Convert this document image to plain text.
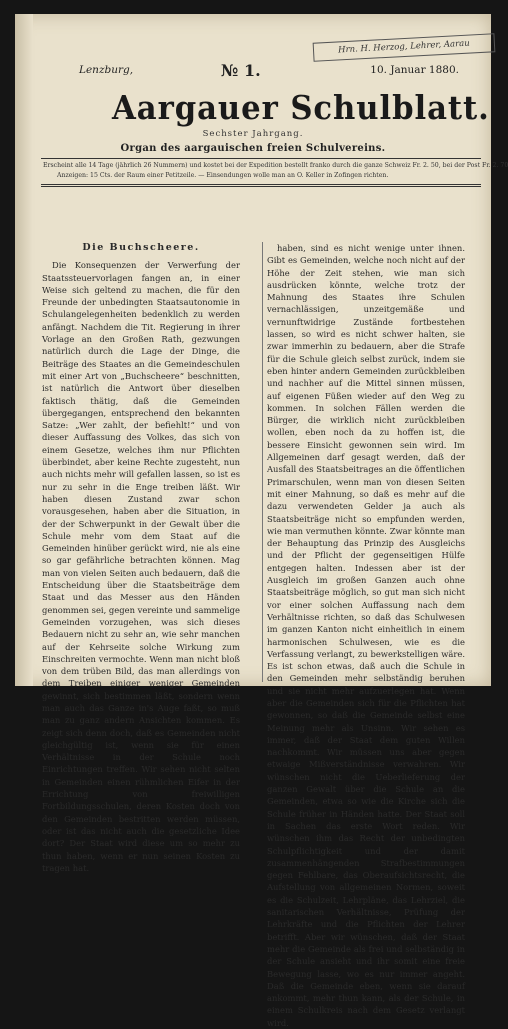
Hrn. H. Herzog, Lehrer, Aarau
Lenzburg,	№ 1.	10. Januar 1880.
Aargauer Schulblatt.
Sechster Jahrgang.
Organ des aargauischen freien Schulvereins.
Erscheint alle 14 Tage (jährlich 26 Nummern) und kostet bei der Expedition bestellt franko durch die ganze Schweiz Fr. 2. 50, bei der Post Fr. 2. 70
Anzeigen: 15 Cts. der Raum einer Petitzeile. — Einsendungen wolle man an O. Keller in Zofingen richten.
Die Buchscheere.

Die Konsequenzen der Verwerfung der Staatssteuervorlagen fangen an, in einer Weise sich geltend zu machen, die für den Freunde der unbedingten Staatsautonomie in Schulangelegenheiten bedenklich zu werden anfängt. Nachdem die Tit. Regierung in ihrer Vorlage an den Großen Rath, gezwungen natürlich durch die Lage der Dinge, die Beiträge des Staates an die Gemeindeschulen mit einer Art von „Buchscheere“ beschnitten, ist natürlich die Antwort über dieselben faktisch thätig, daß die Gemeinden übergegangen, entsprechend den bekannten Satze: „Wer zahlt, der befiehlt!“ und von dieser Auffassung des Volkes, das sich von einem Gesetze, welches ihm nur Pflichten überbindet, aber keine Rechte zugesteht, nun auch nichts mehr will gefallen lassen, so ist es nur zu sehr in die Enge treiben läßt. Wir haben diesen Zustand zwar schon vorausgesehen, haben aber die Situation, in der der Schwerpunkt in der Gewalt über die Schule mehr vom dem Staat auf die Gemeinden hinüber gerückt wird, nie als eine so gar gefährliche betrachten können. Mag man von vielen Seiten auch bedauern, daß die Entscheidung über die Staatsbeiträge dem Staat und das Messer aus den Händen genommen sei, gegen vereinte und sammelige Gemeinden vorzugehen, was sich dieses Bedauern nicht zu sehr an, wie sehr manchen auf der Kehrseite solche Wirkung zum Einschreiten vermochte. Wenn man nicht bloß von dem trüben Bild, das man allerdings von dem Treiben einiger weniger Gemeinden gewinnt, sich bestimmen läßt, sondern wenn man auch das Ganze in's Auge faßt, so muß man zu ganz andern Ansichten kommen. Es zeigt sich denn doch, daß es Gemeinden nicht gleichgültig ist, wenn sie für einen Verhältnisse in der Schule noch Einrichtungen treffen. Wir sehen nicht selten in Gemeinden einen rühmlichen Eifer in der Errichtung von freiwilligen Fortbildungsschulen, deren Kosten doch von den Gemeinden bestritten werden müssen, oder ist das nicht auch die gesetzliche Idee dort? Der Staat wird diese um so mehr zu thun haben, wenn er nun seinen Kosten zu tragen hat.

haben, sind es nicht wenige unter ihnen. Gibt es Gemeinden, welche noch nicht auf der Höhe der Zeit stehen, wie man sich ausdrücken könnte, welche trotz der Mahnung des Staates ihre Schulen vernachlässigen, unzeitgemäße und vernunftwidrige Zustände fortbestehen lassen, so wird es nicht schwer halten, sie zwar immerhin zu bedauern, aber die Strafe für die Schule gleich selbst zurück, indem sie eben hinter andern Gemeinden zurückbleiben und nachher auf die Mittel sinnen müssen, auf eigenen Füßen wieder auf den Weg zu kommen. In solchen Fällen werden die Bürger, die wirklich nicht zurückbleiben wollen, eben noch da zu hoffen ist, die bessere Einsicht gewonnen sein wird. Im Allgemeinen darf gesagt werden, daß der Ausfall des Staatsbeitrages an die öffentlichen Primarschulen, wenn man von diesen Seiten mit einer Mahnung, so daß es mehr auf die dazu verwendeten Gelder ja auch als Staatsbeiträge nicht so empfunden werden, wie man vermuthen könnte. Zwar könnte man der Behauptung das Prinzip des Ausgleichs und der Pflicht der gegenseitigen Hülfe entgegen halten. Indessen aber ist der Ausgleich im großen Ganzen auch ohne Staatsbeiträge möglich, so gut man sich nicht vor einer solchen Auffassung nach dem Verhältnisse richten, so daß das Schulwesen im ganzen Kanton nicht einheitlich in einem harmonischen Schulwesen, wie es die Verfassung verlangt, zu bewerkstelligen wäre. Es ist schon etwas, daß auch die Schule in den Gemeinden mehr selbständig beruhen und sie nicht mehr aufzuerlegen hat. Wenn aber die Gemeinden sich für die Pflichten hat gewonnen, so daß die Gemeinde selbst eine Meinung mehr als Unsinn. Wir sehen es immer, daß der Staat dem guten Willen nachkommt. Wir müssen uns aber gegen etwaige Mißverständnisse verwahren. Wir wünschen nicht die Ueberlieferung der ganzen Gewalt über die Schule an die Gemeinden, etwa so wie die Kirche sich die Schule früher in Händen hatte. Der Staat soll in Sachen das erste Wort reden. Wir wünschen ihm das Recht der unbedingten Schulpflichtigkeit und der damit zusammenhängenden Strafbestimmungen gegen Fehlbare, das Oberaufsichtsrecht, die Aufstellung von allgemeinen Normen, soweit es die Schulzeit, Lehrpläne, das Lehrziel, die sanitarischen Verhältnisse, Prüfung der Lehrkräfte und die Pflichten der Lehrer betrifft. Aber wir wünschen, daß der Staat mehr die Gemeinde als frei und selbständig in der Schule ansieht und ihr somit eine freie Bewegung lasse, wo es nur immer angeht. Daß die Gemeinde eben, wenn sie darauf ankommt, mehr thun kann, als der Schule, in einem Schulkreis nach dem Gesetz verlangt wird.
